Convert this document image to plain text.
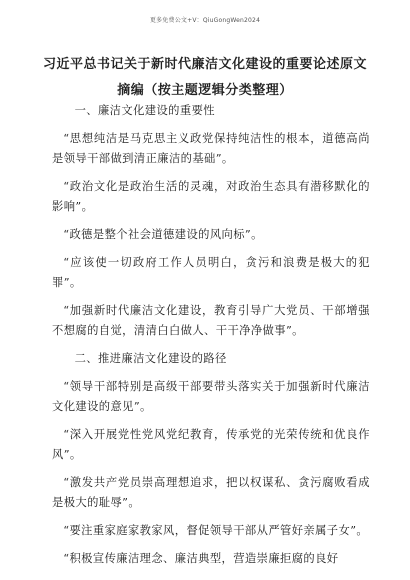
更多免费公文+V：QiuGongWen2024
习近平总书记关于新时代廉洁文化建设的重要论述原文摘编（按主题逻辑分类整理）

一、廉洁文化建设的重要性

“思想纯洁是马克思主义政党保持纯洁性的根本，道德高尚是领导干部做到清正廉洁的基础”。

“政治文化是政治生活的灵魂，对政治生态具有潜移默化的影响”。

“政德是整个社会道德建设的风向标”。

“应该使一切政府工作人员明白，贪污和浪费是极大的犯罪”。

“加强新时代廉洁文化建设，教育引导广大党员、干部增强不想腐的自觉，清清白白做人、干干净净做事”。

二、推进廉洁文化建设的路径

“领导干部特别是高级干部要带头落实关于加强新时代廉洁文化建设的意见”。

“深入开展党性党风党纪教育，传承党的光荣传统和优良作风”。

“激发共产党员崇高理想追求，把以权谋私、贪污腐败看成是极大的耻辱”。

“要注重家庭家教家风，督促领导干部从严管好亲属子女”。

“积极宣传廉洁理念、廉洁典型，营造崇廉拒腐的良好
